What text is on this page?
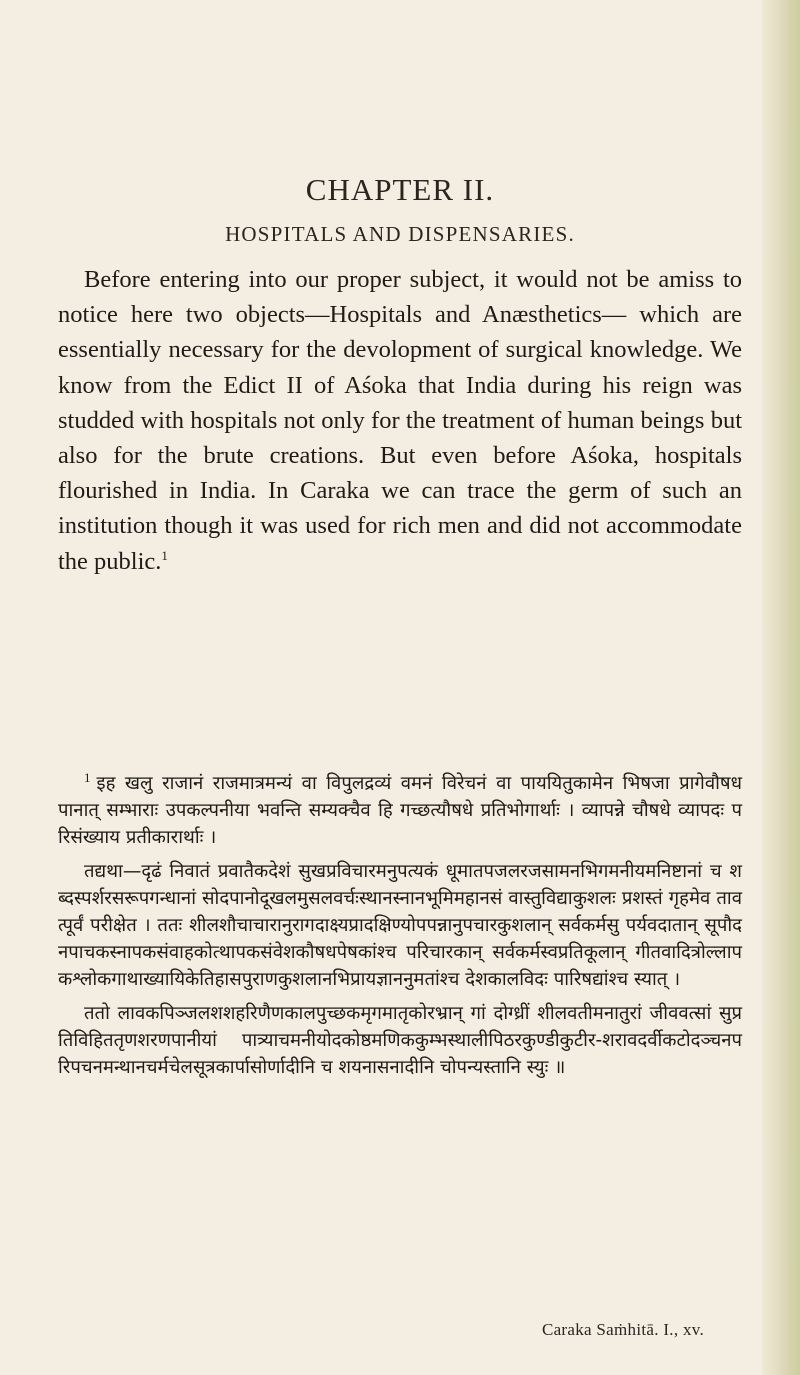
CHAPTER II.
HOSPITALS AND DISPENSARIES.

Before entering into our proper subject, it would not be amiss to notice here two objects—Hospitals and Anæsthetics— which are essentially necessary for the devolopment of surgical knowledge. We know from the Edict II of Aśoka that India during his reign was studded with hospitals not only for the treatment of human beings but also for the brute creations. But even before Aśoka, hospitals flourished in India. In Caraka we can trace the germ of such an institution though it was used for rich men and did not accommodate the public.$^1$

$^1$ इह खलु राजानं राजमात्रमन्यं वा विपुलद्रव्यं वमनं विरेचनं वा पाययितुकामेन भिषजा प्रागेवौषधपानात् सम्भाराः उपकल्पनीया भवन्ति सम्यक्चैव हि गच्छत्यौषधे प्रतिभोगार्थाः । व्यापन्ने चौषधे व्यापदः परिसंख्याय प्रतीकारार्थाः ।

तद्यथा—दृढं निवातं प्रवातैकदेशं सुखप्रविचारमनुपत्यकं धूमातपजलरजसामनभिगमनीयमनिष्टानां च शब्दस्पर्शरसरूपगन्धानां सोदपानोदूखलमुसलवर्चःस्थानस्नानभूमिमहानसं वास्तुविद्याकुशलः प्रशस्तं गृहमेव तावत्पूर्वं परीक्षेत । ततः शीलशौचाचारानुरागदाक्ष्यप्रादक्षिण्योपपन्नानुपचारकुशलान् सर्वकर्मसु पर्यवदातान् सूपौदनपाचकस्नापकसंवाहकोत्थापकसंवेशकौषधपेषकांश्च परिचारकान् सर्वकर्मस्वप्रतिकूलान् गीतवादित्रोल्लापकश्लोकगाथाख्यायिकेतिहासपुराणकुशलानभिप्रायज्ञाननुमतांश्च देशकालविदः पारिषद्यांश्च स्यात् ।

ततो लावकपिञ्जलशशहरिणैणकालपुच्छकमृगमातृकोरभ्रान् गां दोग्ध्रीं शीलवतीमनातुरां जीववत्सां सुप्रतिविहिततृणशरणपानीयां पात्र्याचमनीयोदकोष्ठमणिककुम्भस्थालीपिठरकुण्डीकुटीर-शरावदर्वीकटोदञ्चनपरिपचनमन्थानचर्मचेलसूत्रकार्पासोर्णादीनि च शयनासनादीनि चोपन्यस्तानि स्युः ॥

Caraka Saṁhitā. I., xv.
